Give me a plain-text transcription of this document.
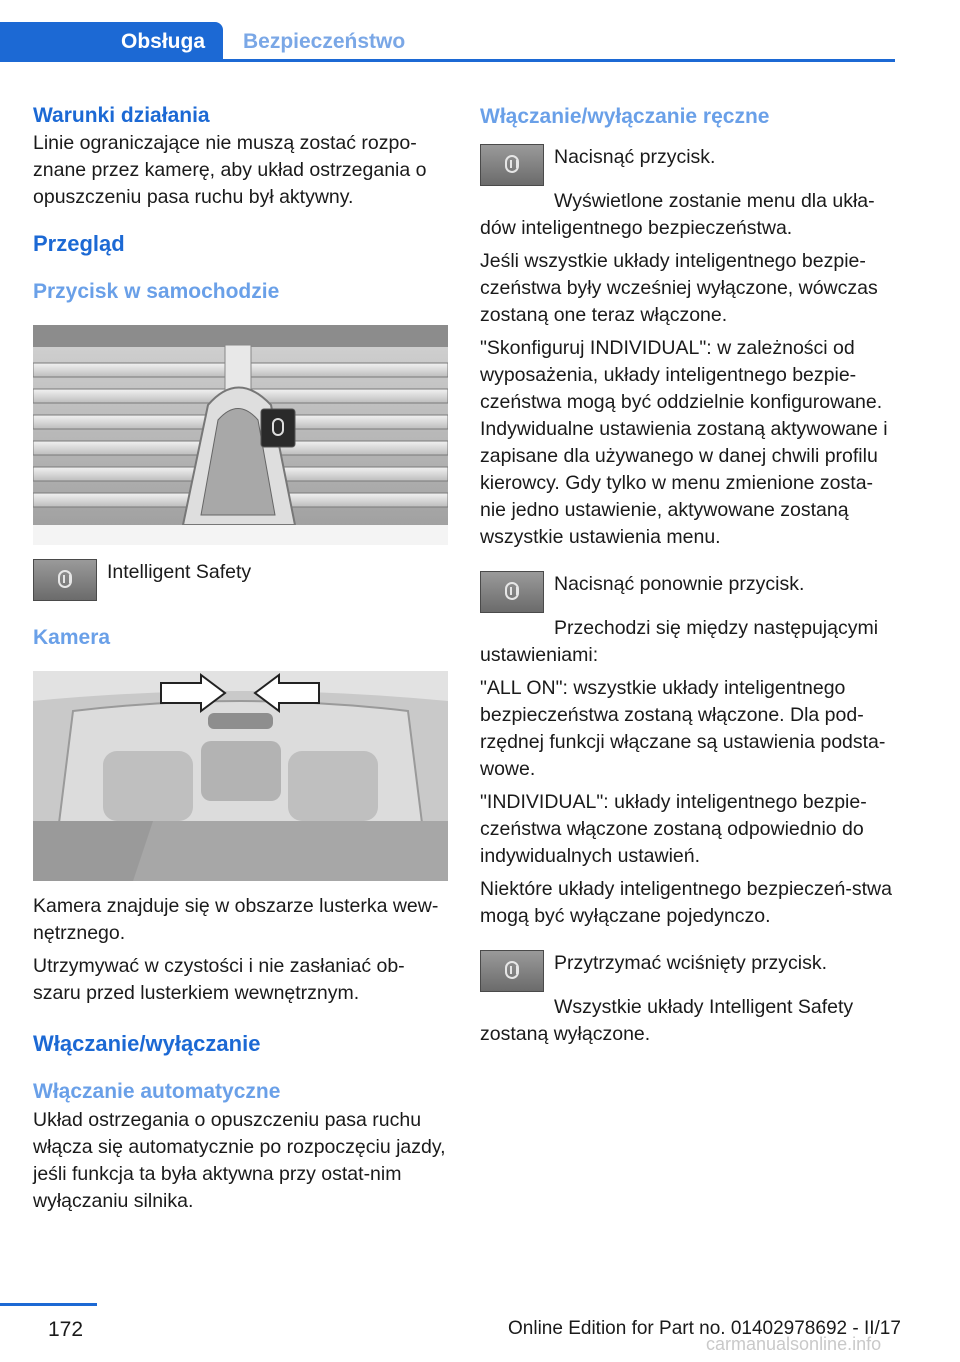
Obsługa	Bezpieczeństwo
Warunki działania

Linie ograniczające nie muszą zostać rozpo-znane przez kamerę, aby układ ostrzegania o opuszczeniu pasa ruchu był aktywny.

Przegląd
Przycisk w samochodzie

Intelligent Safety

Kamera

Kamera znajduje się w obszarze lusterka wew-nętrznego.

Utrzymywać w czystości i nie zasłaniać ob-szaru przed lusterkiem wewnętrznym.

Włączanie/wyłączanie
Włączanie automatyczne

Układ ostrzegania o opuszczeniu pasa ruchu włącza się automatycznie po rozpoczęciu jazdy, jeśli funkcja ta była aktywna przy ostat-nim wyłączaniu silnika.

Włączanie/wyłączanie ręczne

Nacisnąć przycisk.

Wyświetlone zostanie menu dla ukła-dów inteligentnego bezpieczeństwa.

Jeśli wszystkie układy inteligentnego bezpie-czeństwa były wcześniej wyłączone, wówczas zostaną one teraz włączone.

"Skonfiguruj INDIVIDUAL": w zależności od wyposażenia, układy inteligentnego bezpie-czeństwa mogą być oddzielnie konfigurowane. Indywidualne ustawienia zostaną aktywowane i zapisane dla używanego w danej chwili profilu kierowcy. Gdy tylko w menu zmienione zosta-nie jedno ustawienie, aktywowane zostaną wszystkie ustawienia menu.

Nacisnąć ponownie przycisk.

Przechodzi się między następującymi ustawieniami:

"ALL ON": wszystkie układy inteligentnego bezpieczeństwa zostaną włączone. Dla pod-rzędnej funkcji włączane są ustawienia podsta-wowe.

"INDIVIDUAL": układy inteligentnego bezpie-czeństwa włączone zostaną odpowiednio do indywidualnych ustawień.

Niektóre układy inteligentnego bezpieczeń-stwa mogą być wyłączane pojedynczo.

Przytrzymać wciśnięty przycisk.

Wszystkie układy Intelligent Safety zostaną wyłączone.

172	Online Edition for Part no. 01402978692 - II/17
carmanualsonline.info
